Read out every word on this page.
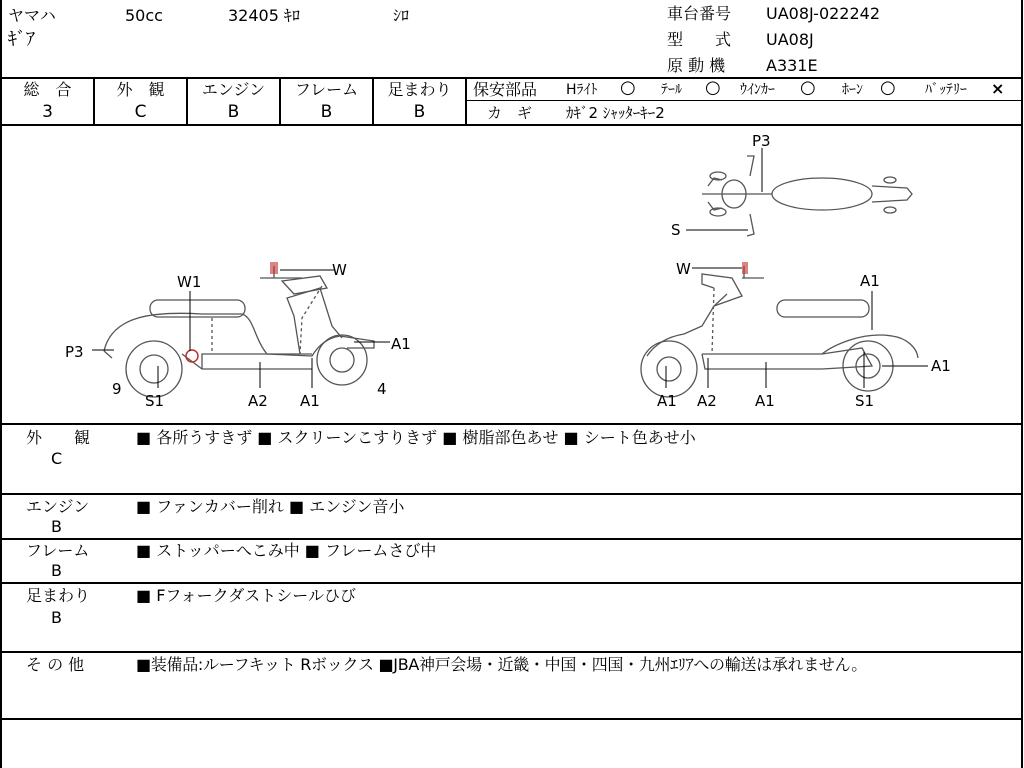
ヤマハ	50cc	32405 ｷﾛ	ｼﾛ
ｷﾞｱ
車台番号 UA08J-022242
型　　式 UA08J
原 動 機	A331E
総　合
3
外　観
C
エンジン
B
フレーム
B
足まわり
B
保安部品 Hﾗｲﾄ ○ ﾃｰﾙ ○ ｳｲﾝｶｰ ○ ﾎｰﾝ ○ ﾊﾞｯﾃﾘｰ ×
カ　ギ ｶｷﾞ2 ｼｬｯﾀｰｷｰ2
W
W1
P3	A1
9
S1	A2 A1
4
P3
S
W
A1
A1
A1 A2	A1	S1
外　　観
C
■ 各所うすきず ■ スクリーンこすりきず ■ 樹脂部色あせ ■ シート色あせ小
エンジン
B
■ ファンカバー削れ ■ エンジン音小
フレーム
B
■ ストッパーへこみ中 ■ フレームさび中
足まわり
B
■ Fフォークダストシールひび
そ の 他	■装備品:ルーフキット Rボックス ■JBA神戸会場・近畿・中国・四国・九州ｴﾘｱへの輸送は承れません。
